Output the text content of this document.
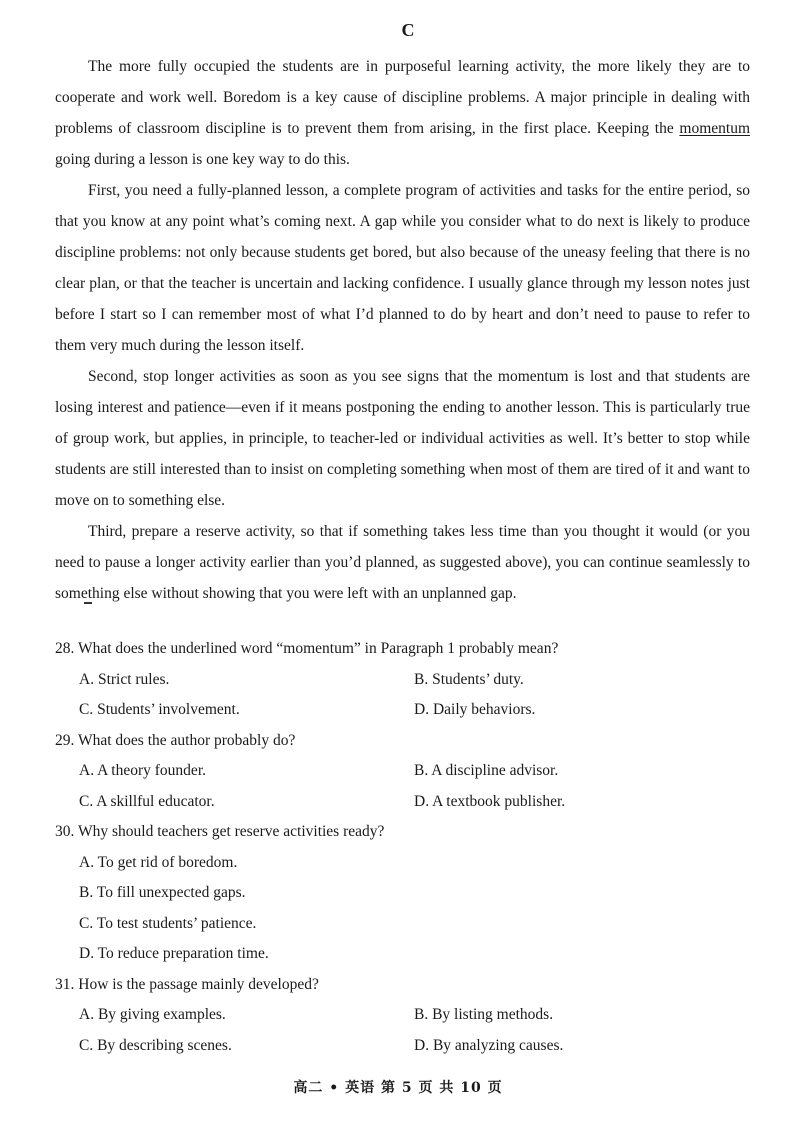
C

The more fully occupied the students are in purposeful learning activity, the more likely they are to cooperate and work well. Boredom is a key cause of discipline problems. A major principle in dealing with problems of classroom discipline is to prevent them from arising, in the first place. Keeping the momentum going during a lesson is one key way to do this.

First, you need a fully-planned lesson, a complete program of activities and tasks for the entire period, so that you know at any point what’s coming next. A gap while you consider what to do next is likely to produce discipline problems: not only because students get bored, but also because of the uneasy feeling that there is no clear plan, or that the teacher is uncertain and lacking confidence. I usually glance through my lesson notes just before I start so I can remember most of what I’d planned to do by heart and don’t need to pause to refer to them very much during the lesson itself.

Second, stop longer activities as soon as you see signs that the momentum is lost and that students are losing interest and patience—even if it means postponing the ending to another lesson. This is particularly true of group work, but applies, in principle, to teacher-led or individual activities as well. It’s better to stop while students are still interested than to insist on completing something when most of them are tired of it and want to move on to something else.

Third, prepare a reserve activity, so that if something takes less time than you thought it would (or you need to pause a longer activity earlier than you’d planned, as suggested above), you can continue seamlessly to something else without showing that you were left with an unplanned gap.

28. What does the underlined word “momentum” in Paragraph 1 probably mean?
A. Strict rules.	B. Students’ duty.
C. Students’ involvement.	D. Daily behaviors.
29. What does the author probably do?
A. A theory founder.	B. A discipline advisor.
C. A skillful educator.	D. A textbook publisher.
30. Why should teachers get reserve activities ready?
A. To get rid of boredom.
B. To fill unexpected gaps.
C. To test students’ patience.
D. To reduce preparation time.
31. How is the passage mainly developed?
A. By giving examples.	B. By listing methods.
C. By describing scenes.	D. By analyzing causes.
高二 • 英语 第 5 页 共 10 页
